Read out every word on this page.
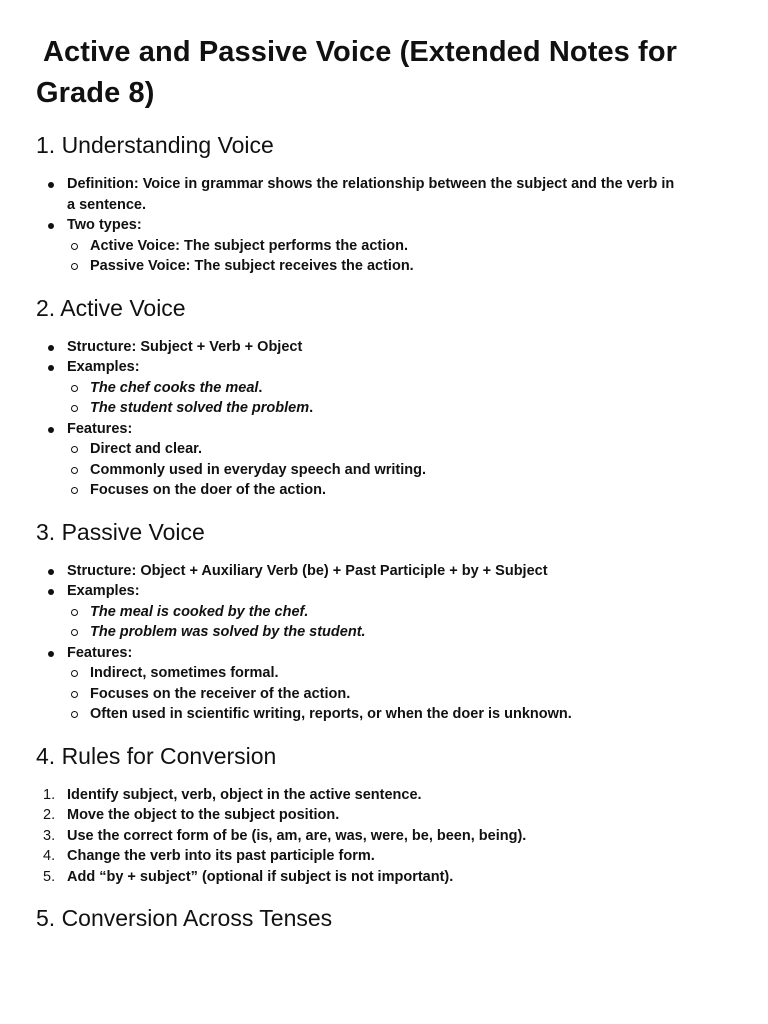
Active and Passive Voice (Extended Notes for
Grade 8)
1. Understanding Voice
Definition: Voice in grammar shows the relationship between the subject and the verb in
a sentence.
Two types:
Active Voice: The subject performs the action.
Passive Voice: The subject receives the action.
2. Active Voice
Structure: Subject + Verb + Object
Examples:
The chef cooks the meal.
The student solved the problem.
Features:
Direct and clear.
Commonly used in everyday speech and writing.
Focuses on the doer of the action.
3. Passive Voice
Structure: Object + Auxiliary Verb (be) + Past Participle + by + Subject
Examples:
The meal is cooked by the chef.
The problem was solved by the student.
Features:
Indirect, sometimes formal.
Focuses on the receiver of the action.
Often used in scientific writing, reports, or when the doer is unknown.
4. Rules for Conversion
1. Identify subject, verb, object in the active sentence.
2. Move the object to the subject position.
3. Use the correct form of be (is, am, are, was, were, be, been, being).
4. Change the verb into its past participle form.
5. Add “by + subject” (optional if subject is not important).
5. Conversion Across Tenses
